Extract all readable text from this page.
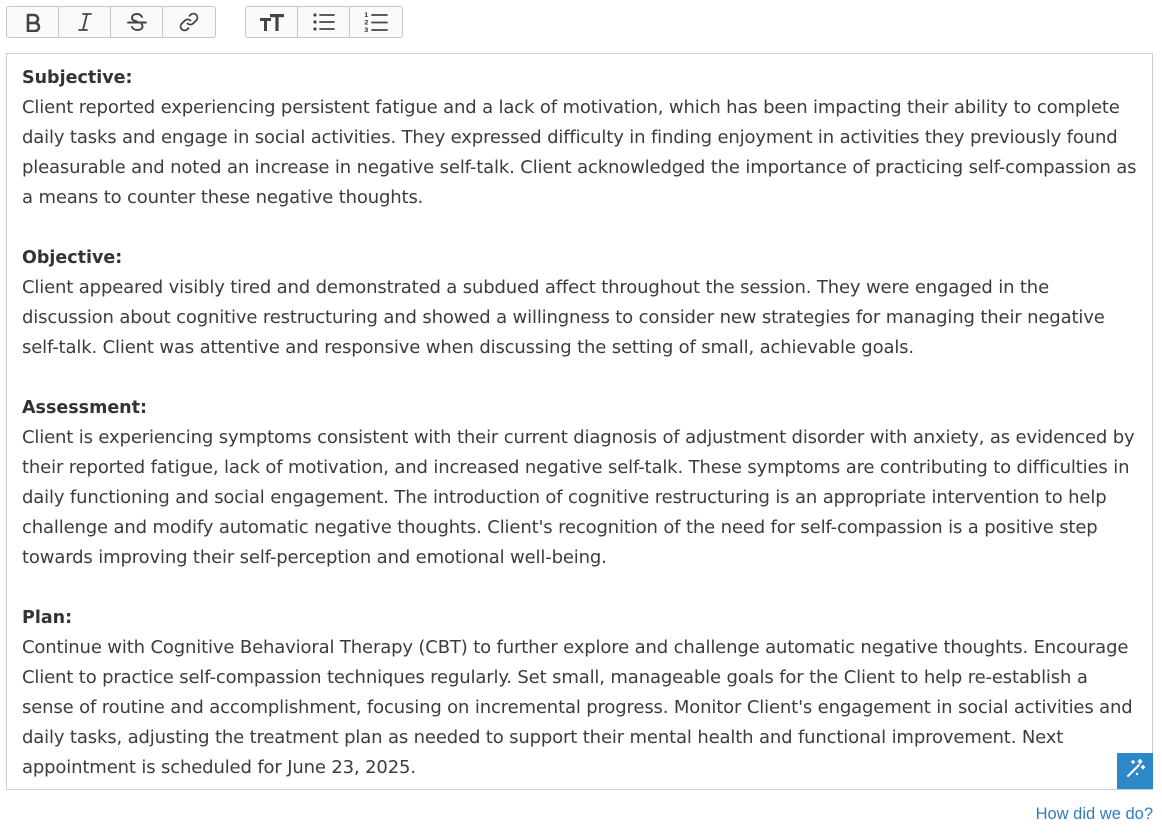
1
2
3
Subjective:
Client reported experiencing persistent fatigue and a lack of motivation, which has been impacting their ability to complete daily tasks and engage in social activities. They expressed difficulty in finding enjoyment in activities they previously found pleasurable and noted an increase in negative self-talk. Client acknowledged the importance of practicing self-compassion as a means to counter these negative thoughts.
Objective:
Client appeared visibly tired and demonstrated a subdued affect throughout the session. They were engaged in the discussion about cognitive restructuring and showed a willingness to consider new strategies for managing their negative self-talk. Client was attentive and responsive when discussing the setting of small, achievable goals.
Assessment:
Client is experiencing symptoms consistent with their current diagnosis of adjustment disorder with anxiety, as evidenced by their reported fatigue, lack of motivation, and increased negative self-talk. These symptoms are contributing to difficulties in daily functioning and social engagement. The introduction of cognitive restructuring is an appropriate intervention to help challenge and modify automatic negative thoughts. Client's recognition of the need for self-compassion is a positive step towards improving their self-perception and emotional well-being.
Plan:
Continue with Cognitive Behavioral Therapy (CBT) to further explore and challenge automatic negative thoughts. Encourage Client to practice self-compassion techniques regularly. Set small, manageable goals for the Client to help re-establish a sense of routine and accomplishment, focusing on incremental progress. Monitor Client's engagement in social activities and daily tasks, adjusting the treatment plan as needed to support their mental health and functional improvement. Next appointment is scheduled for June 23, 2025.
How did we do?
